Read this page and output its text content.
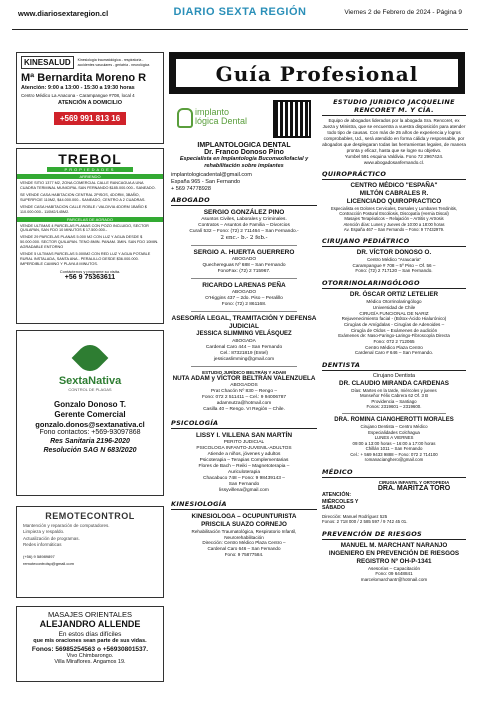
www.diariosextaregion.cl	DIARIO SEXTA REGIÓN	Viernes 2 de Febrero de 2024 - Página 9
KINESALUD	Kinesiología traumatológica - respiratoria - accidentes vasculares - geriatría - neurológica
Mª Bernardita Moreno R
Atención: 9:00 a 13:00 - 15:30 a 19:30 horas
Centro Médico La Anacona - Carampangue #708, local 4
ATENCIÓN A DOMICILIO
+569 991 813 16
TREBOL
PROPIEDADES
ARRIENDO
VENDE SITIO 1377 M2, ZONA COMERCIAL CALLE RANCAGUA A UNA CUADRA TERMINAL MUNICIPAL SAN FERNANDO $185.000.000.- SANEADO.
SE VENDE CASA HABITACION CENTRAL 2PISOS, 4DORM, 3BAÑO, SUPERFICIE 110M2, $44.000.000.- SANEADO, CENTRO A 2 CUADRAS.
VENDE CASA HABITACION CALLE ROBLE / VALDIVIA 4DORM 1BAÑO $ 110.000.000.- 110M2/145M2.
PARCELAS DE AGRADO
VENDE ULTIMAS 4 PARCELAS PLANAS CON POZO INCLUIDO, SECTOR QUILAPAN, SAN FDO 10 MINUTOS $ 17.500.000.-
VENDE 29 PARCELAS PLANAS 5.000 M2 CON LUZ Y AGUA DESDE $ 50.000.000. SECTOR QUILAPAN. TENO 8MIN. PANAM. 3MIN. SAN FDO 10MIN. AGRADABLE ENTORNO
VENDE 5 ULTIMAS PARCELAS 5.000M2 CON RED LUZ Y AGUA POTABLE RURAL INSTALADA, SANTA ANA - PERALILLO DESDE $36.000.000. IMPERDIBLE CAMINO Y PLAYA 8 MINUTOS.
Contáctenos y programe su visita.
+56 9 75363611
SextaNativa
CONTROL DE PLAGAS
Gonzalo Donoso T.
Gerente Comercial
gonzalo.donos@sextanativa.cl
Fono contactos: +569-93097868
Res Sanitaria 2196-2020
Resolución SAG N 683/2020
REMOTECONTROL
Mantención y reparación de computadores.
Limpieza y respaldo.
Actualización de programas.
Redes informáticas
(+56) 9 58989897
remotecontrolsp@gmail.com
MASAJES ORIENTALES
ALEJANDRO ALLENDE
En estos días difíciles
que mis oraciones sean parte de sus vidas.
Fonos: 56985254563 o +56930801537.
Vivo Chimbarongo.
Villa Miraflores. Angamos 19.
Guía Profesional
implanto lógica Dental
IMPLANTOLOGICA DENTAL
Dr. Franco Donoso Pino
Especialista en Implantología Bucomaxilofacial y rehabilitación sobre implantes
implantologicadental@gmail.com
España 965 - San Fernando
+ 569 74778928
ABOGADO
SERGIO GONZÁLEZ PINO
Asuntos Civiles, Laborales y Criminales.
Contratos – Asuntos de Familia – Divorcios
Curalí 532 – Fono: (72) 2 711464 – San Fernando.-
2 enc.- b.- 2 feb.-
SERGIO A. HUERTA GUERRERO
ABOGADO
Quechereguas Nº 688 – San Fernando
FonoFax: (72) 2 715967.
RICARDO LARENAS PEÑA
ABOGADO
O'Higgins 437 – 2do. Piso – Peralillo
Fono: (72) 2 861168.
ASESORÍA LEGAL, TRAMITACIÓN Y DEFENSA JUDICIAL
JESSICA SLIMMING VELÁSQUEZ
ABOGADA
Cardenal Caro 444 – San Fernando
Cel.: 87321819 (Entel)
jessicaslimming@gmail.com
ESTUDIO JURÍDICO BELTRÁN Y ADAM
NUTA ADAM y VÍCTOR BELTRÁN VALENZUELA
ABOGADOS
Prat Chacón Nº 830 – Rengo –
Fono: 072 2 511411 – Cel.: 9 94006787
adamnutza@hotmail.com
Casilla 40 – Rengo. VI Región – Chile.
PSICOLOGÍA
LISSY I. VILLENA SAN MARTÍN
PERITO JUDICIAL
PSICOLOGA INFANTO-JUVENIL-ADULTOS
Atiende a niños, jóvenes y adultos
Psicoterapia – Terapias Complementarias
Flores de Bach – Reiki – Magnetoterapia –
Auriculoterapia
Chacabuco 748 – Fono: 9 98439143 –
San Fernando
lissyvillena@gmail.com
KINESIOLOGÍA
KINESIOLOGA – OCUPUNTURISTA
PRISCILA SUAZO CORNEJO
Rehabilitación Traumatológica, Respiratorio Infantil,
Neurorehabilitación
Dirección: Centro Médico Plaza Centro –
Cardenal Caro 646 – San Fernando
Fono: 9 75877584.
ESTUDIO JURIDICO JACQUELINE RENCORET M. Y CÍA.
Equipo de abogados liderados por la abogada Sra. Rencoret, ex Jueza y Ministra, que se encuentra a vuestra disposición para atender todo tipo de causas. Con más de 25 años de experiencia y logros comprobables, Ud., será atendido en forma cálida y responsable, por abogados que desplegaran todas las herramientas legales, de manera pronta y eficaz, hasta que se logre su objetivo.
Yumbel 591 esquina Valdivia. Fono 72 2967424.
www.abogadosanfernando.cl.
QUIROPRÁCTICO
CENTRO MÉDICO "ESPAÑA"
MILTÓN CABRALES R.
LICENCIADO QUIROPRACTICO
Especialista en Dolores Cervicales, Dorsales y Lumbares Tendinitis, Contracción Postural Escoliosis, Discopatía (Hernia Discal)
Masajes Terapéuticos – Relajación – Artritis y Artrosis
Atención días: Lunes y Jueves de 10:00 a 18:00 horas
Av. España 467 – San Fernando – Fono: 9 77432979.
CIRUJANO PEDIÁTRICO
DR. VÍCTOR DONOSO O.
Centro Médico "Araucaria"
Carampangue # 708 – 5º Piso – Of. 56 –
Fono: (72) 2 717120 – San Fernando.
OTORRINOLARINGÓLOGO
DR. ÓSCAR ORTIZ LETELIER
Médico Otorrinolaringólogo
Universidad de Chile
CIRUGÍA FUNCIONAL DE NARIZ
Rejuvenecimiento facial - (Bótox-Ácido Hialurónico)
Cirugías de Amígdalas - Cirugías de Adenoides –
Cirugía de Oídos – Exámenes de audición
Exámenes de: Naso-Faringo-Laringo-Fibroscopía Directa
Fono: 072 2 712065
Centro Médico Plaza Centro
Cardenal Caro # 646 – San Fernando.
DENTISTA
Cirujano Dentista
DR. CLAUDIO MIRANDA CARDENAS
Días: Martes en la tarde, miércoles y jueves
Monseñor Félix Cabrera 62 Of. 3 B
Providencia – Santiago
Fonos: 2319601 – 2319600.
DRA. ROMINA CIANGHEROTTI MORALES
Cirujano Dentista – Centro Médico
Especialidades Colchagua
LUNES A VIERNES
09:00 a 13:00 horas – 16:00 a 17:00 horas
Chillán 1011 – San Fernando
Cel.: + 569 9433 9888 – Fono: 072 2 714100
romanacianghero@gmail.com
MÉDICO
CIRUGIA INFANTIL Y ORTOPEDIA
DRA. MARITZA TORO
ATENCIÓN: MIÉRCOLES Y SÁBADO
Dirección: Manuel Rodríguez 525
Fonos: 2 718 000 / 2 585 597 / 9 742 45 01.
PREVENCIÓN DE RIESGOS
MANUEL M. MARCHANT NARANJO
INGENIERO EN PREVENCIÓN DE RIESGOS
REGISTRO Nº OH-P-1341
Asesorías – Capacitación
Fono: 09 6448841
marcelomarchantr@hotmail.com
